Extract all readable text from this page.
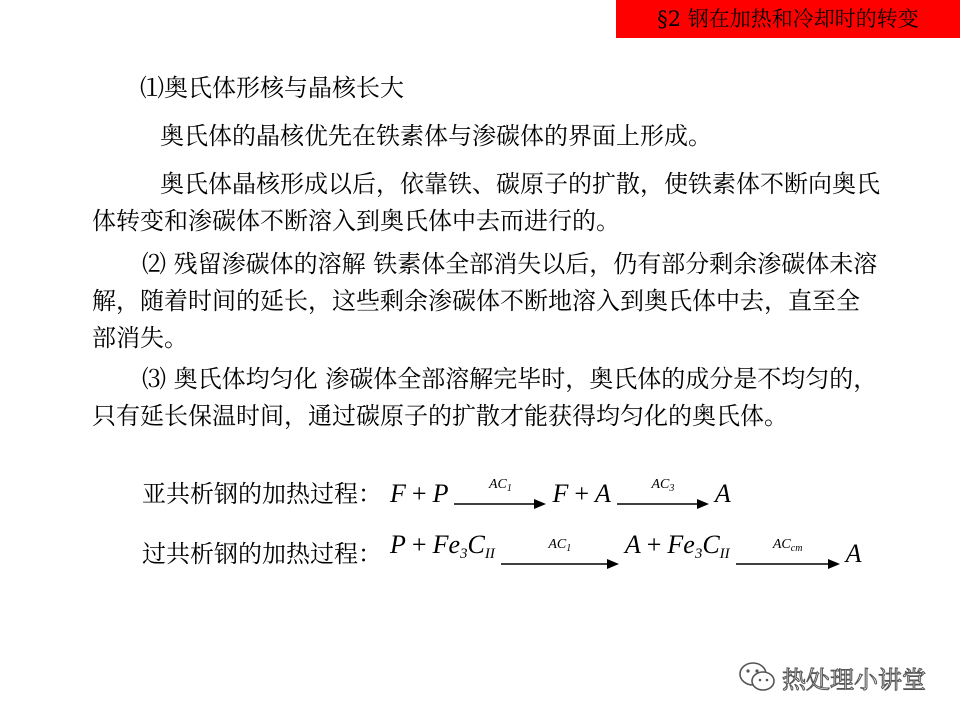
§2 钢在加热和冷却时的转变

⑴奥氏体形核与晶核长大

奥氏体的晶核优先在铁素体与渗碳体的界面上形成。

奥氏体晶核形成以后，依靠铁、碳原子的扩散，使铁素体不断向奥氏体转变和渗碳体不断溶入到奥氏体中去而进行的。

⑵ 残留渗碳体的溶解 铁素体全部消失以后，仍有部分剩余渗碳体未溶解，随着时间的延长，这些剩余渗碳体不断地溶入到奥氏体中去，直至全部消失。

⑶ 奥氏体均匀化 渗碳体全部溶解完毕时，奥氏体的成分是不均匀的，只有延长保温时间，通过碳原子的扩散才能获得均匀化的奥氏体。

亚共析钢的加热过程： F + P	$AC_1$ F + A	$AC_3$ A
过共析钢的加热过程： $P + Fe_3C_{II}$
$AC_1$ $A + Fe_3C_{II}$
$AC_{cm}$ A
热处理小讲堂
